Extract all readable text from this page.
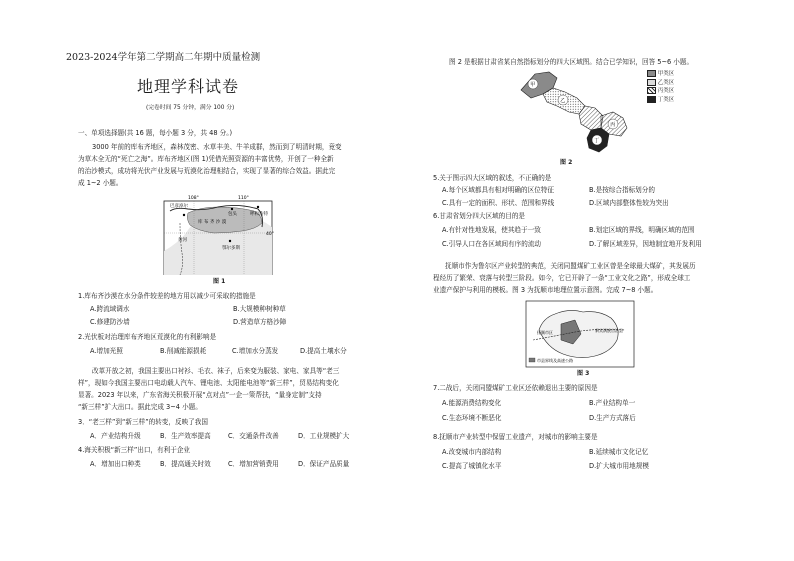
2023-2024学年第二学期高二年期中质量检测
地理学科试卷
(完卷时间 75 分钟，满分 100 分)
一、单项选择题(共 16 题，每小题 3 分，共 48 分。)
3000 年前的库布齐地区，森林茂密、水草丰美、牛羊成群，然而到了明清时期，竟变
为草木全无的“死亡之海”。库布齐地区(图 1)凭借光照资源的丰富优势，开创了一种全新
的治沙模式，成功将光伏产业发展与荒漠化治理相结合，实现了显著的综合效益。据此完
成 1~2 小题。
108°	110°
40°
巴彦淖尔
包头	呼和浩特
库 布 齐 沙 漠
黄河
鄂尔多斯
图 1
1.库布齐沙漠在水分条件较差的地方用以减少可采取的措施是
A.跨流域调水	B.大规模种树种草
C.修建防沙墙	D.营造草方格沙障
2.光伏板对治理库布齐地区荒漠化的有利影响是
A.增加光照	B.削减能源损耗	C.增加水分蒸发	D.提高土壤水分
改革开放之初，我国主要出口衬衫、毛衣、袜子，后来变为服装、家电、家具等“老三
样”，现如今我国主要出口电动载人汽车、锂电池、太阳能电池等“新三样”，贸易结构变化
显著。2023 年以来，广东省海关积极开展“点对点”一企一策帮扶，“量身定制”支持
“新三样”扩大出口。据此完成 3~4 小题。
3．“老三样”到“新三样”的转变，反映了我国
A．产业结构升级	B．生产效率提高	C．交通条件改善	D．工业规模扩大
4.海关积极“新三样”出口，有利于企业
A．增加出口种类	B．提高通关时效	C．增加营销费用	D．保证产品质量
图 2 是根据甘肃省某自然指标划分的四大区域图。结合已学知识，回答 5~6 小题。
甲
乙
丙
丁
甲类区
乙类区
丙类区
丁类区
图 2
5.关于图示四大区域的叙述，不正确的是
A.每个区域都具有相对明确的区位特征	B.是按综合指标划分的
C.具有一定的面积、形状、范围和界线	D.区域内部整体性较为突出
6.甘肃省划分四大区域的目的是
A.有针对性地发展，使其趋于一致	B.划定区域的界线，明确区域的范围
C.引导人口在各区域间有序的流动	D.了解区域差异，因地制宜地开发利用
抚顺市作为鲁尔区产业转型的典范，关闭同盟煤矿工业区曾是全球最大煤矿，其发展历
程经历了繁荣、衰落与转型三阶段。如今，它已开辟了一条“工业文化之路”，形成全球工
业遗产保护与利用的模板。图 3 为抚顺市地理位置示意图。完成 7~8 小题。
抚顺市区	新宾满族自治县
市县界线及高速公路
图 3
7.二战后，关闭同盟煤矿工业区还依赖退出主要的原因是
A.能源消费结构变化	B.产业结构单一
C.生态环境不断恶化	D.生产方式落后
8.抚顺市产业转型中保留工业遗产，对城市的影响主要是
A.改变城市内部结构	B.延续城市文化记忆
C.提高了城镇化水平	D.扩大城市用地规模
